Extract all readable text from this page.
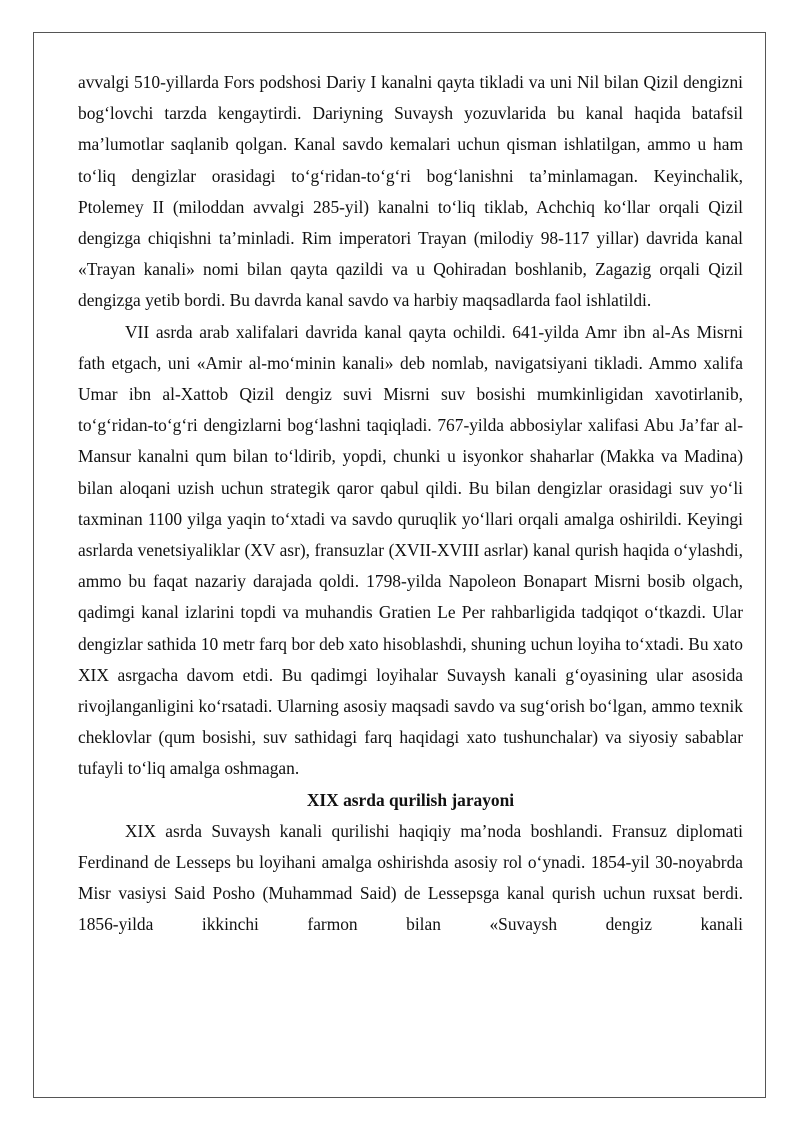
avvalgi 510-yillarda Fors podshosi Dariy I kanalni qayta tikladi va uni Nil bilan Qizil dengizni bog‘lovchi tarzda kengaytirdi. Dariyning Suvaysh yozuvlarida bu kanal haqida batafsil ma’lumotlar saqlanib qolgan. Kanal savdo kemalari uchun qisman ishlatilgan, ammo u ham to‘liq dengizlar orasidagi to‘g‘ridan-to‘g‘ri bog‘lanishni ta’minlamagan. Keyinchalik, Ptolemey II (miloddan avvalgi 285-yil) kanalni to‘liq tiklab, Achchiq ko‘llar orqali Qizil dengizga chiqishni ta’minladi. Rim imperatori Trayan (milodiy 98-117 yillar) davrida kanal «Trayan kanali» nomi bilan qayta qazildi va u Qohiradan boshlanib, Zagazig orqali Qizil dengizga yetib bordi. Bu davrda kanal savdo va harbiy maqsadlarda faol ishlatildi.

VII asrda arab xalifalari davrida kanal qayta ochildi. 641-yilda Amr ibn al-As Misrni fath etgach, uni «Amir al-mo‘minin kanali» deb nomlab, navigatsiyani tikladi. Ammo xalifa Umar ibn al-Xattob Qizil dengiz suvi Misrni suv bosishi mumkinligidan xavotirlanib, to‘g‘ridan-to‘g‘ri dengizlarni bog‘lashni taqiqladi. 767-yilda abbosiylar xalifasi Abu Ja’far al-Mansur kanalni qum bilan to‘ldirib, yopdi, chunki u isyonkor shaharlar (Makka va Madina) bilan aloqani uzish uchun strategik qaror qabul qildi. Bu bilan dengizlar orasidagi suv yo‘li taxminan 1100 yilga yaqin to‘xtadi va savdo quruqlik yo‘llari orqali amalga oshirildi. Keyingi asrlarda venetsiyaliklar (XV asr), fransuzlar (XVII-XVIII asrlar) kanal qurish haqida o‘ylashdi, ammo bu faqat nazariy darajada qoldi. 1798-yilda Napoleon Bonapart Misrni bosib olgach, qadimgi kanal izlarini topdi va muhandis Gratien Le Per rahbarligida tadqiqot o‘tkazdi. Ular dengizlar sathida 10 metr farq bor deb xato hisoblashdi, shuning uchun loyiha to‘xtadi. Bu xato XIX asrgacha davom etdi. Bu qadimgi loyihalar Suvaysh kanali g‘oyasining ular asosida rivojlanganligini ko‘rsatadi. Ularning asosiy maqsadi savdo va sug‘orish bo‘lgan, ammo texnik cheklovlar (qum bosishi, suv sathidagi farq haqidagi xato tushunchalar) va siyosiy sabablar tufayli to‘liq amalga oshmagan.

XIX asrda qurilish jarayoni

XIX asrda Suvaysh kanali qurilishi haqiqiy ma’noda boshlandi. Fransuz diplomati Ferdinand de Lesseps bu loyihani amalga oshirishda asosiy rol o‘ynadi. 1854-yil 30-noyabrda Misr vasiysi Said Posho (Muhammad Said) de Lessepsga kanal qurish uchun ruxsat berdi. 1856-yilda ikkinchi farmon bilan «Suvaysh dengiz kanali
